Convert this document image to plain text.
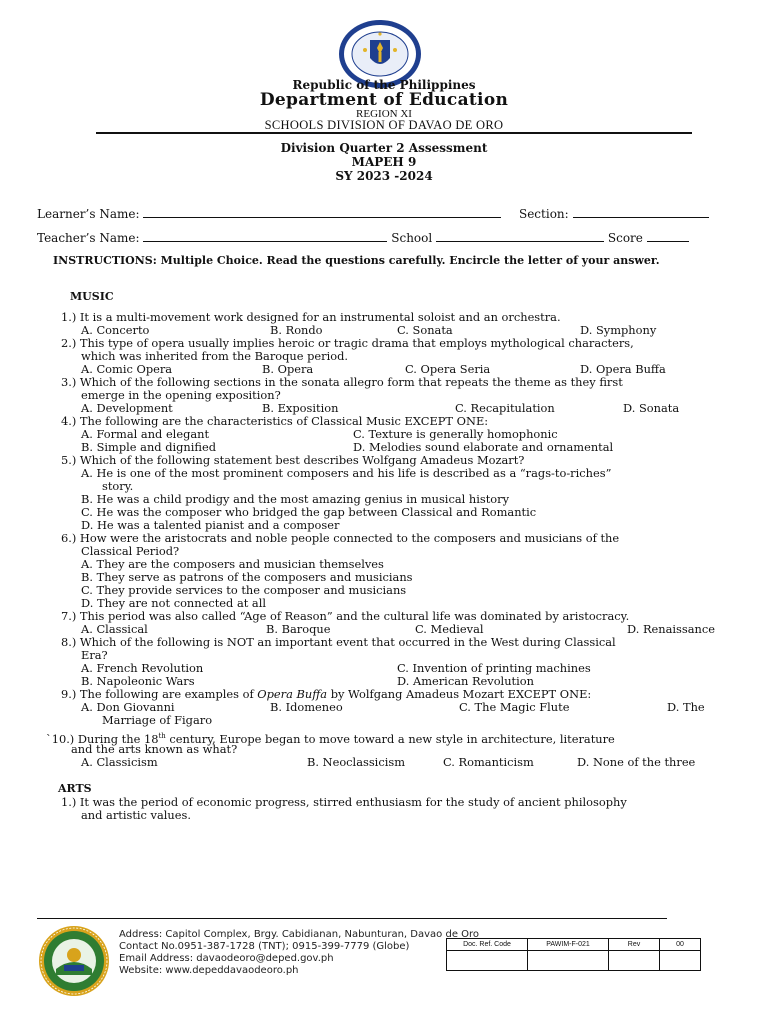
Republic of the Philippines
Department of Education
REGION XI
SCHOOLS DIVISION OF DAVAO DE ORO
Division Quarter 2 Assessment
MAPEH 9
SY 2023 -2024
Learner’s Name:	Section:
Teacher’s Name:	School	Score
INSTRUCTIONS: Multiple Choice. Read the questions carefully. Encircle the letter of your answer.
MUSIC
1.) It is a multi-movement work designed for an instrumental soloist and an orchestra.
A. Concerto	B. Rondo	C. Sonata	D. Symphony
2.) This type of opera usually implies heroic or tragic drama that employs mythological characters,
which was inherited from the Baroque period.
A. Comic Opera	B. Opera	C. Opera Seria	D. Opera Buffa
3.) Which of the following sections in the sonata allegro form that repeats the theme as they first
emerge in the opening exposition?
A. Development	B. Exposition	C. Recapitulation	D. Sonata
4.) The following are the characteristics of Classical Music EXCEPT ONE:
A. Formal and elegant	C. Texture is generally homophonic
B. Simple and dignified	D. Melodies sound elaborate and ornamental
5.) Which of the following statement best describes Wolfgang Amadeus Mozart?
A. He is one of the most prominent composers and his life is described as a “rags-to-riches”
story.
B. He was a child prodigy and the most amazing genius in musical history
C. He was the composer who bridged the gap between Classical and Romantic
D. He was a talented pianist and a composer
6.) How were the aristocrats and noble people connected to the composers and musicians of the
Classical Period?
A. They are the composers and musician themselves
B. They serve as patrons of the composers and musicians
C. They provide services to the composer and musicians
D. They are not connected at all
7.) This period was also called “Age of Reason” and the cultural life was dominated by aristocracy.
A. Classical	B. Baroque	C. Medieval	D. Renaissance
8.) Which of the following is NOT an important event that occurred in the West during Classical
Era?
A. French Revolution	C. Invention of printing machines
B. Napoleonic Wars	D. American Revolution
9.) The following are examples of Opera Buffa by Wolfgang Amadeus Mozart EXCEPT ONE:
A. Don Giovanni	B. Idomeneo	C. The Magic Flute	D. The
Marriage of Figaro
`10.) During the 18th century, Europe began to move toward a new style in architecture, literature
and the arts known as what?
A. Classicism	B. Neoclassicism	C. Romanticism	D. None of the three
ARTS
1.) It was the period of economic progress, stirred enthusiasm for the study of ancient philosophy
and artistic values.
Address: Capitol Complex, Brgy. Cabidianan, Nabunturan, Davao de Oro
Contact No.0951-387-1728 (TNT); 0915-399-7779 (Globe)
Email Address: davaodeoro@deped.gov.ph
Website: www.depeddavaodeoro.ph
Doc. Ref. Code	PAWIM-F-021	Rev	00
